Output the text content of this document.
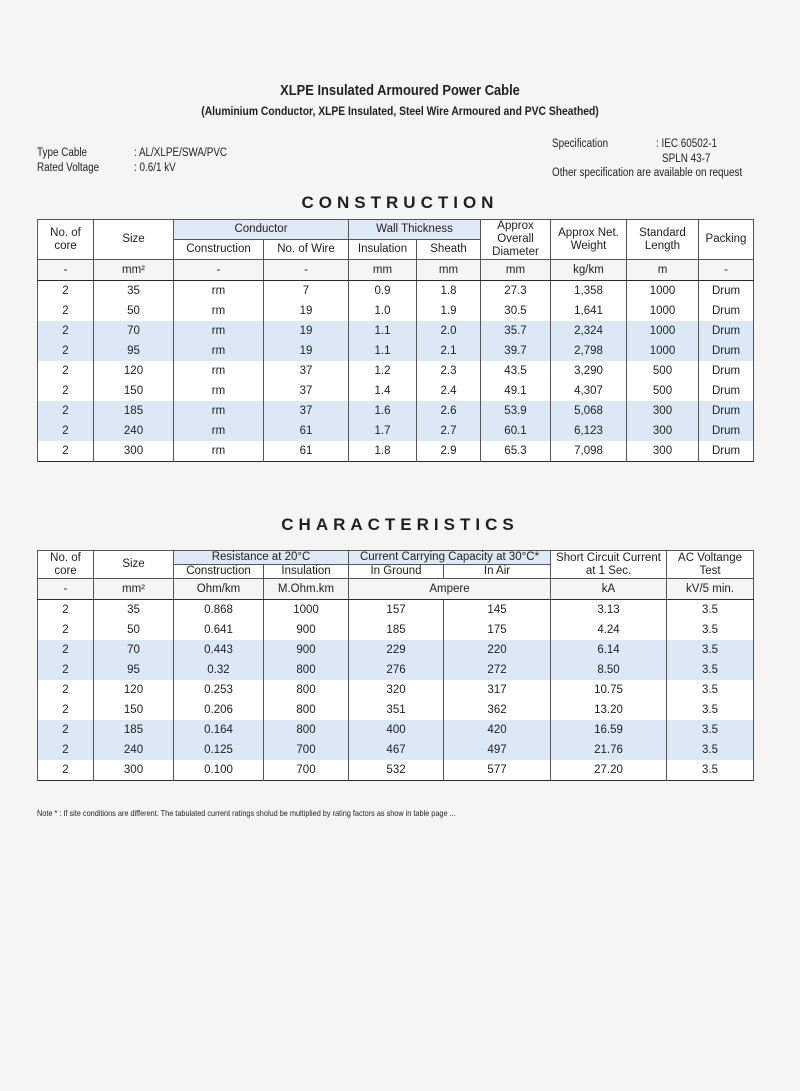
XLPE Insulated Armoured Power Cable
(Aluminium Conductor, XLPE Insulated, Steel Wire Armoured and PVC Sheathed)
Type Cable	: AL/XLPE/SWA/PVC
Rated Voltage	: 0.6/1 kV
Specification	: IEC 60502-1
SPLN 43-7
Other specification are available on request
CONSTRUCTION
No. of core	Size	Conductor		Wall Thickness		Approx Overall Diameter	Approx Net. Weight	Standard Length	Packing
		Construction	No. of Wire	Insulation	Sheath				
-	mm²	-	-	mm	mm	mm	kg/km	m	-
2	35	rm	7	0.9	1.8	27.3	1,358	1000	Drum
2	50	rm	19	1.0	1.9	30.5	1,641	1000	Drum
2	70	rm	19	1.1	2.0	35.7	2,324	1000	Drum
2	95	rm	19	1.1	2.1	39.7	2,798	1000	Drum
2	120	rm	37	1.2	2.3	43.5	3,290	500	Drum
2	150	rm	37	1.4	2.4	49.1	4,307	500	Drum
2	185	rm	37	1.6	2.6	53.9	5,068	300	Drum
2	240	rm	61	1.7	2.7	60.1	6,123	300	Drum
2	300	rm	61	1.8	2.9	65.3	7,098	300	Drum
CHARACTERISTICS
No. of core	Size	Resistance at 20°C		Current Carrying Capacity at 30°C*		Short Circuit Current at 1 Sec.	AC Voltange Test
		Construction	Insulation	In Ground	In Air		
-	mm²	Ohm/km	M.Ohm.km	Ampere		kA	kV/5 min.
2	35	0.868	1000	157	145	3.13	3.5
2	50	0.641	900	185	175	4.24	3.5
2	70	0.443	900	229	220	6.14	3.5
2	95	0.32	800	276	272	8.50	3.5
2	120	0.253	800	320	317	10.75	3.5
2	150	0.206	800	351	362	13.20	3.5
2	185	0.164	800	400	420	16.59	3.5
2	240	0.125	700	467	497	21.76	3.5
2	300	0.100	700	532	577	27.20	3.5
Note * : If site conditions are different. The tabulated current ratings sholud be multiplied by rating factors as show in table page ...
